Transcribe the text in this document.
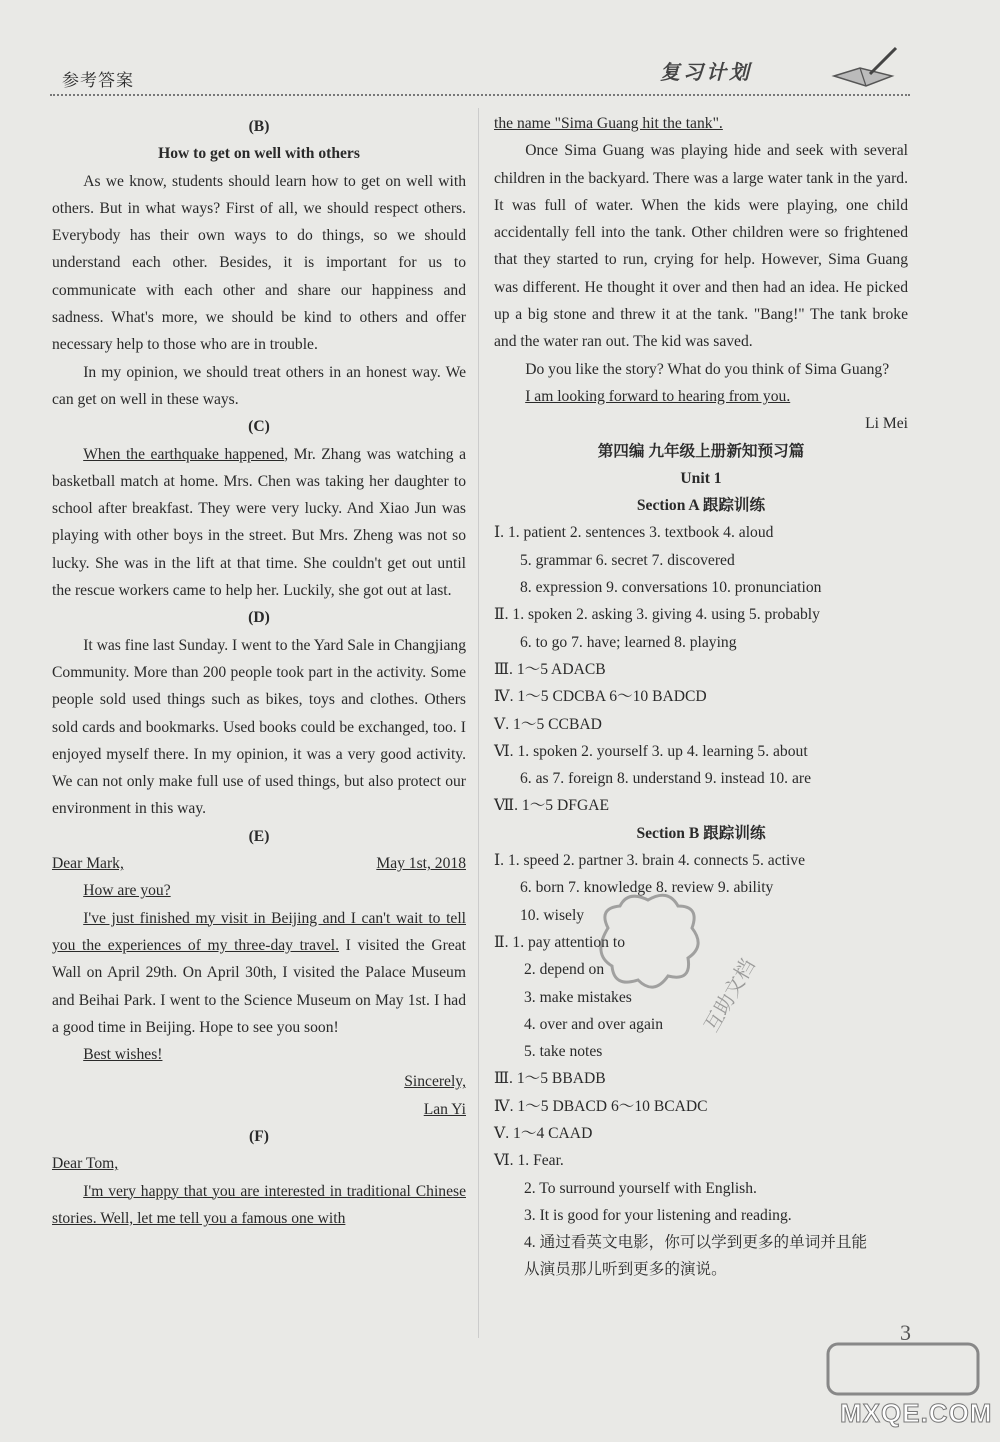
参考答案	复习计划
(B)
How to get on well with others
As we know, students should learn how to get on well with others. But in what ways? First of all, we should respect others. Everybody has their own ways to do things, so we should understand each other. Besides, it is important for us to communicate with each other and share our happiness and sadness. What's more, we should be kind to others and offer necessary help to those who are in trouble.
In my opinion, we should treat others in an honest way. We can get on well in these ways.
(C)
When the earthquake happened, Mr. Zhang was watching a basketball match at home. Mrs. Chen was taking her daughter to school after breakfast. They were very lucky. And Xiao Jun was playing with other boys in the street. But Mrs. Zheng was not so lucky. She was in the lift at that time. She couldn't get out until the rescue workers came to help her. Luckily, she got out at last.
(D)
It was fine last Sunday. I went to the Yard Sale in Changjiang Community. More than 200 people took part in the activity. Some people sold used things such as bikes, toys and clothes. Others sold cards and bookmarks. Used books could be exchanged, too. I enjoyed myself there. In my opinion, it was a very good activity. We can not only make full use of used things, but also protect our environment in this way.
(E)
Dear Mark,	May 1st, 2018
How are you?
I've just finished my visit in Beijing and I can't wait to tell you the experiences of my three-day travel. I visited the Great Wall on April 29th. On April 30th, I visited the Palace Museum and Beihai Park. I went to the Science Museum on May 1st. I had a good time in Beijing. Hope to see you soon!
Best wishes!
Sincerely,
Lan Yi
(F)
Dear Tom,
I'm very happy that you are interested in traditional Chinese stories. Well, let me tell you a famous one with
the name "Sima Guang hit the tank".
Once Sima Guang was playing hide and seek with several children in the backyard. There was a large water tank in the yard. It was full of water. When the kids were playing, one child accidentally fell into the tank. Other children were so frightened that they started to run, crying for help. However, Sima Guang was different. He thought it over and then had an idea. He picked up a big stone and threw it at the tank. "Bang!" The tank broke and the water ran out. The kid was saved.
Do you like the story? What do you think of Sima Guang?
I am looking forward to hearing from you.
Li Mei
第四编 九年级上册新知预习篇
Unit 1
Section A 跟踪训练
Ⅰ. 1. patient 2. sentences 3. textbook 4. aloud
5. grammar 6. secret 7. discovered
8. expression 9. conversations 10. pronunciation
Ⅱ. 1. spoken 2. asking 3. giving 4. using 5. probably
6. to go 7. have; learned 8. playing
Ⅲ. 1～5 ADACB
Ⅳ. 1～5 CDCBA 6～10 BADCD
Ⅴ. 1～5 CCBAD
Ⅵ. 1. spoken 2. yourself 3. up 4. learning 5. about
6. as 7. foreign 8. understand 9. instead 10. are
Ⅶ. 1～5 DFGAE
Section B 跟踪训练
Ⅰ. 1. speed 2. partner 3. brain 4. connects 5. active
6. born 7. knowledge 8. review 9. ability
10. wisely
Ⅱ. 1. pay attention to
2. depend on
3. make mistakes
4. over and over again
5. take notes
Ⅲ. 1～5 BBADB
Ⅳ. 1～5 DBACD 6～10 BCADC
Ⅴ. 1～4 CAAD
Ⅵ. 1. Fear.
2. To surround yourself with English.
3. It is good for your listening and reading.
4. 通过看英文电影，你可以学到更多的单词并且能
从演员那儿听到更多的演说。
互助文档
3
MXQE.COM
